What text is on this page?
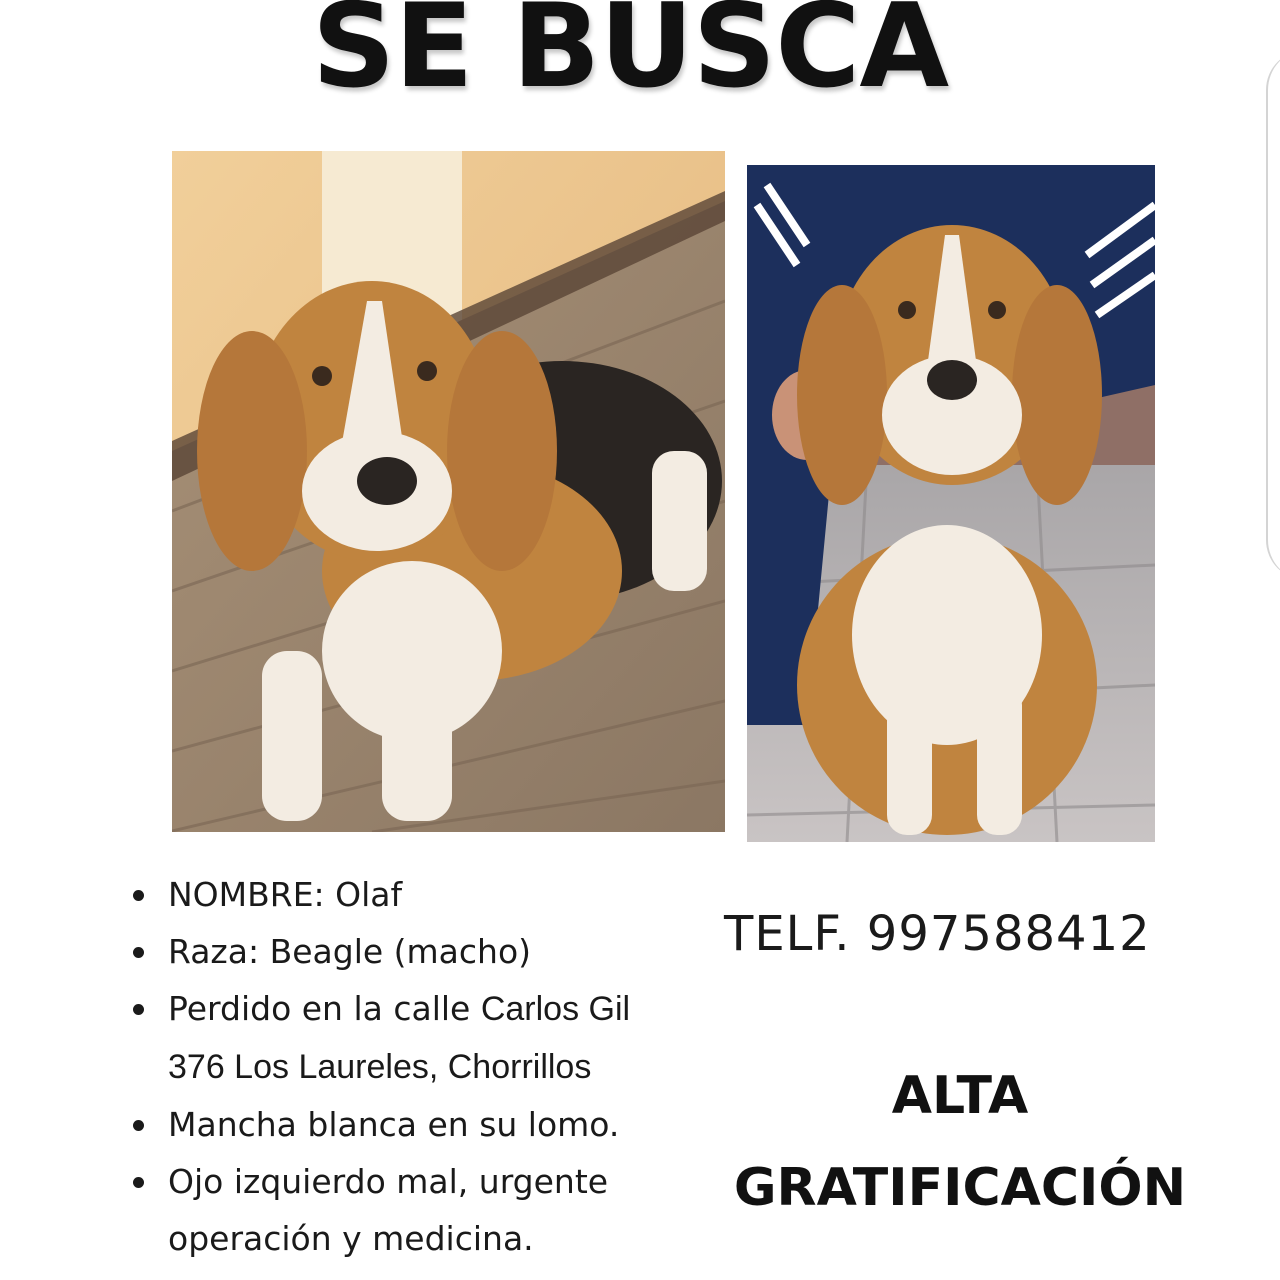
SE BUSCA
NOMBRE: Olaf
Raza: Beagle (macho)
Perdido en la calle Carlos Gil
376 Los Laureles, Chorrillos
Mancha blanca en su lomo.
Ojo izquierdo mal, urgente
operación y medicina.
TELF. 997588412
ALTA
GRATIFICACIÓN
